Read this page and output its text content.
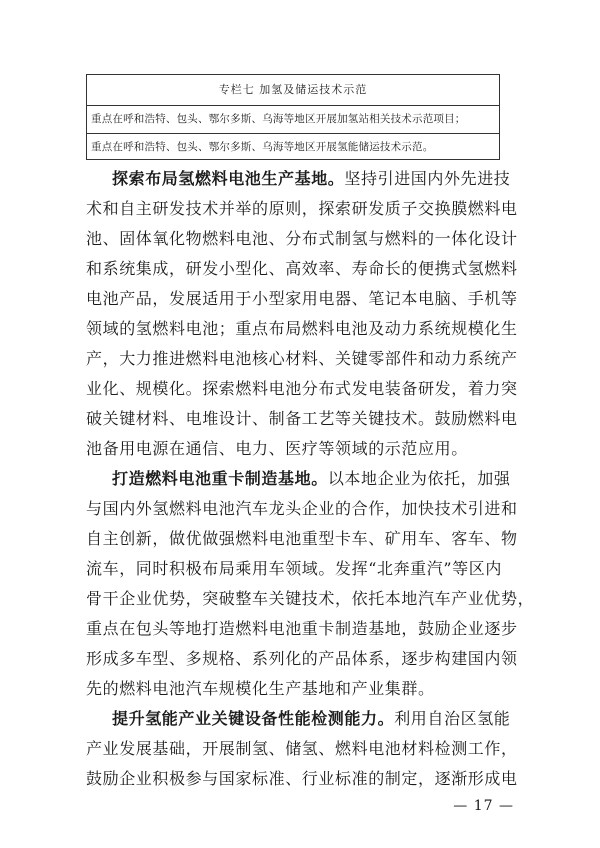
专栏七 加氢及储运技术示范
重点在呼和浩特、包头、鄂尔多斯、乌海等地区开展加氢站相关技术示范项目；
重点在呼和浩特、包头、鄂尔多斯、乌海等地区开展氢能储运技术示范。
探索布局氢燃料电池生产基地。坚持引进国内外先进技
术和自主研发技术并举的原则，探索研发质子交换膜燃料电
池、固体氧化物燃料电池、分布式制氢与燃料的一体化设计
和系统集成，研发小型化、高效率、寿命长的便携式氢燃料
电池产品，发展适用于小型家用电器、笔记本电脑、手机等
领域的氢燃料电池；重点布局燃料电池及动力系统规模化生
产，大力推进燃料电池核心材料、关键零部件和动力系统产
业化、规模化。探索燃料电池分布式发电装备研发，着力突
破关键材料、电堆设计、制备工艺等关键技术。鼓励燃料电
池备用电源在通信、电力、医疗等领域的示范应用。
打造燃料电池重卡制造基地。以本地企业为依托，加强
与国内外氢燃料电池汽车龙头企业的合作，加快技术引进和
自主创新，做优做强燃料电池重型卡车、矿用车、客车、物
流车，同时积极布局乘用车领域。发挥“北奔重汽”等区内
骨干企业优势，突破整车关键技术，依托本地汽车产业优势，
重点在包头等地打造燃料电池重卡制造基地，鼓励企业逐步
形成多车型、多规格、系列化的产品体系，逐步构建国内领
先的燃料电池汽车规模化生产基地和产业集群。
提升氢能产业关键设备性能检测能力。利用自治区氢能
产业发展基础，开展制氢、储氢、燃料电池材料检测工作，
鼓励企业积极参与国家标准、行业标准的制定，逐渐形成电
— 17 —
